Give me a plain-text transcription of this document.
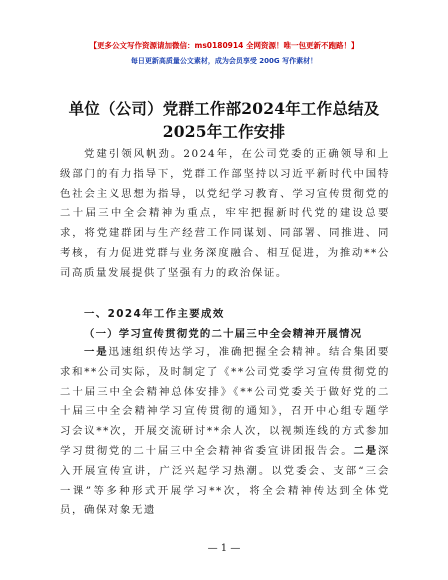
【更多公文写作资源请加微信：ms0180914 全网资源！唯一包更新不跑路！】
每日更新高质量公文素材，成为会员享受 200G 写作素材！
单位（公司）党群工作部2024年工作总结及
2025年工作安排
党建引领风帆劲。2024年，在公司党委的正确领导和上级部门的有力指导下，党群工作部坚持以习近平新时代中国特色社会主义思想为指导，以党纪学习教育、学习宣传贯彻党的二十届三中全会精神为重点，牢牢把握新时代党的建设总要求，将党建群团与生产经营工作同谋划、同部署、同推进、同考核，有力促进党群与业务深度融合、相互促进，为推动**公司高质量发展提供了坚强有力的政治保证。
一、2024年工作主要成效
（一）学习宣传贯彻党的二十届三中全会精神开展情况
一是迅速组织传达学习，准确把握全会精神。结合集团要求和**公司实际，及时制定了《**公司党委学习宣传贯彻党的二十届三中全会精神总体安排》《**公司党委关于做好党的二十届三中全会精神学习宣传贯彻的通知》，召开中心组专题学习会议**次，开展交流研讨**余人次，以视频连线的方式参加学习贯彻党的二十届三中全会精神省委宣讲团报告会。二是深入开展宣传宣讲，广泛兴起学习热潮。以党委会、支部“三会一课”等多种形式开展学习**次，将全会精神传达到全体党员，确保对象无遗
— 1 —
